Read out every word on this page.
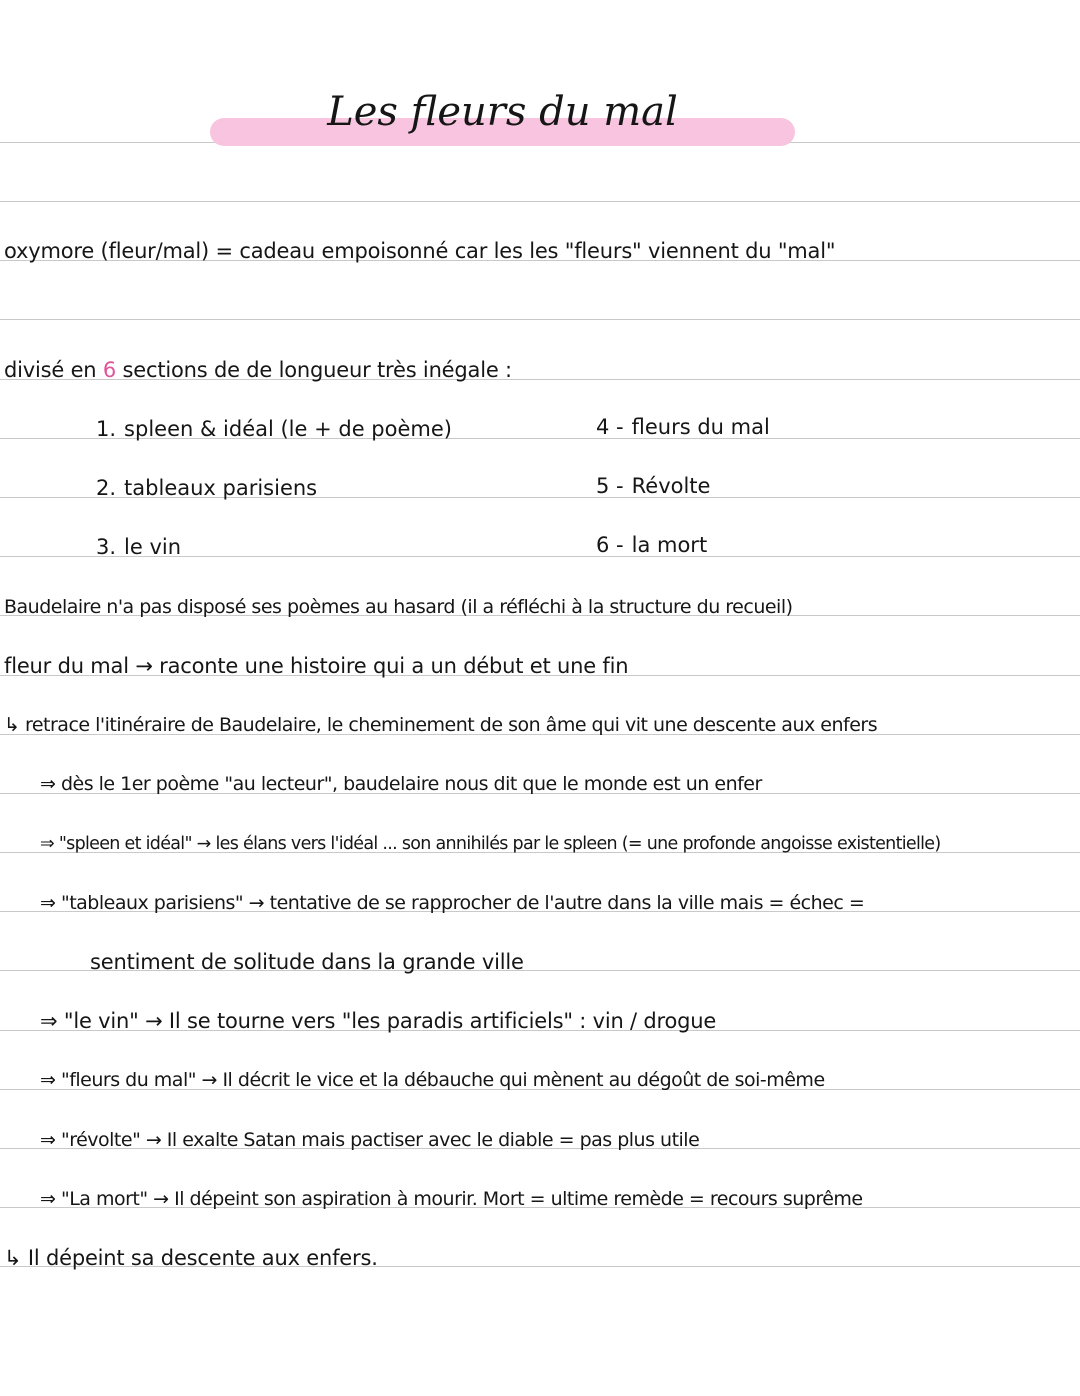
Les fleurs du mal
oxymore (fleur/mal) = cadeau empoisonné car les les "fleurs" viennent du "mal"
divisé en 6 sections de de longueur très inégale :
1. spleen & idéal (le + de poème)
2. tableaux parisiens
3. le vin
4 - fleurs du mal
5 - Révolte
6 - la mort
Baudelaire n'a pas disposé ses poèmes au hasard (il a réfléchi à la structure du recueil)
fleur du mal → raconte une histoire qui a un début et une fin
↳ retrace l'itinéraire de Baudelaire, le cheminement de son âme qui vit une descente aux enfers
⇒ dès le 1er poème "au lecteur", baudelaire nous dit que le monde est un enfer
⇒ "spleen et idéal" → les élans vers l'idéal ... son annihilés par le spleen (= une profonde angoisse existentielle)
⇒ "tableaux parisiens" → tentative de se rapprocher de l'autre dans la ville mais = échec =
sentiment de solitude dans la grande ville
⇒ "le vin" → Il se tourne vers "les paradis artificiels" : vin / drogue
⇒ "fleurs du mal" → Il décrit le vice et la débauche qui mènent au dégoût de soi-même
⇒ "révolte" → Il exalte Satan mais pactiser avec le diable = pas plus utile
⇒ "La mort" → Il dépeint son aspiration à mourir. Mort = ultime remède = recours suprême
↳ Il dépeint sa descente aux enfers.
